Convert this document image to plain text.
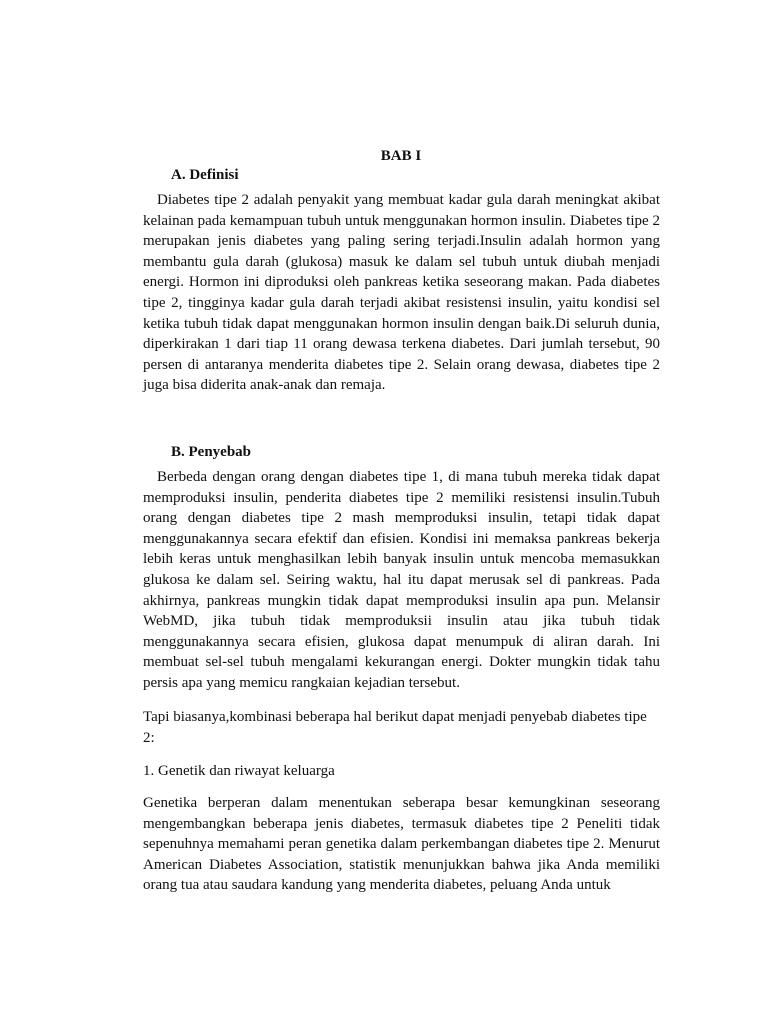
BAB I
A. Definisi

Diabetes tipe 2 adalah penyakit yang membuat kadar gula darah meningkat akibat kelainan pada kemampuan tubuh untuk menggunakan hormon insulin. Diabetes tipe 2 merupakan jenis diabetes yang paling sering terjadi.Insulin adalah hormon yang membantu gula darah (glukosa) masuk ke dalam sel tubuh untuk diubah menjadi energi. Hormon ini diproduksi oleh pankreas ketika seseorang makan. Pada diabetes tipe 2, tingginya kadar gula darah terjadi akibat resistensi insulin, yaitu kondisi sel ketika tubuh tidak dapat menggunakan hormon insulin dengan baik.Di seluruh dunia, diperkirakan 1 dari tiap 11 orang dewasa terkena diabetes. Dari jumlah tersebut, 90 persen di antaranya menderita diabetes tipe 2. Selain orang dewasa, diabetes tipe 2 juga bisa diderita anak-anak dan remaja.

B. Penyebab

Berbeda dengan orang dengan diabetes tipe 1, di mana tubuh mereka tidak dapat memproduksi insulin, penderita diabetes tipe 2 memiliki resistensi insulin.Tubuh orang dengan diabetes tipe 2 mash memproduksi insulin, tetapi tidak dapat menggunakannya secara efektif dan efisien. Kondisi ini memaksa pankreas bekerja lebih keras untuk menghasilkan lebih banyak insulin untuk mencoba memasukkan glukosa ke dalam sel. Seiring waktu, hal itu dapat merusak sel di pankreas. Pada akhirnya, pankreas mungkin tidak dapat memproduksi insulin apa pun. Melansir WebMD, jika tubuh tidak memproduksii insulin atau jika tubuh tidak menggunakannya secara efisien, glukosa dapat menumpuk di aliran darah. Ini membuat sel-sel tubuh mengalami kekurangan energi. Dokter mungkin tidak tahu persis apa yang memicu rangkaian kejadian tersebut.

Tapi biasanya,kombinasi beberapa hal berikut dapat menjadi penyebab diabetes tipe 2:

1. Genetik dan riwayat keluarga

Genetika berperan dalam menentukan seberapa besar kemungkinan seseorang mengembangkan beberapa jenis diabetes, termasuk diabetes tipe 2 Peneliti tidak sepenuhnya memahami peran genetika dalam perkembangan diabetes tipe 2. Menurut American Diabetes Association, statistik menunjukkan bahwa jika Anda memiliki orang tua atau saudara kandung yang menderita diabetes, peluang Anda untuk
